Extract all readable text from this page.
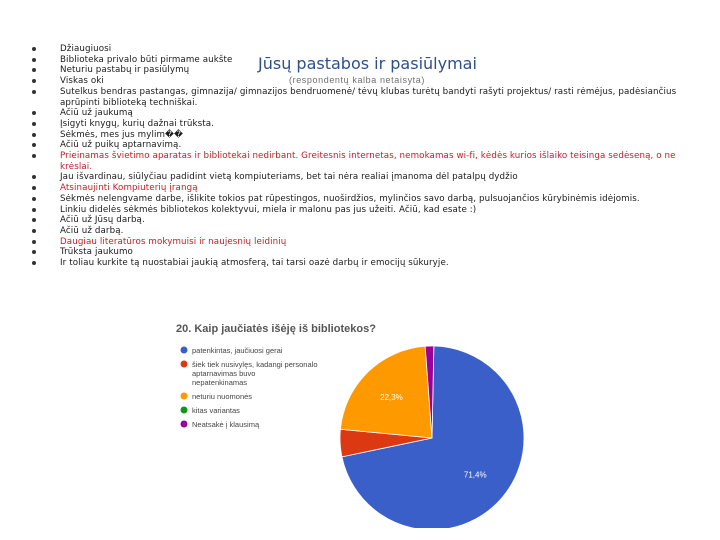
Jūsų pastabos ir pasiūlymai
(respondentų kalba netaisyta)
Džiaugiuosi
Biblioteka privalo būti pirmame aukšte
Neturiu pastabų ir pasiūlymų
Viskas oki
Sutelkus bendras pastangas, gimnazija/ gimnazijos bendruomenė/ tėvų klubas turėtų bandyti rašyti projektus/ rasti rėmėjus, padėsiančius aprūpinti biblioteką techniškai.
Ačiū už jaukumą
Įsigyti knygų, kurių dažnai trūksta.
Sėkmės, mes jus mylim��
Ačiū už puikų aptarnavimą.
Prieinamas švietimo aparatas ir bibliotekai nedirbant. Greitesnis internetas, nemokamas wi-fi, kėdės kurios išlaiko teisinga sedėseną, o ne krėslai.
Jau išvardinau, siūlyčiau padidint vietą kompiuteriams, bet tai nėra realiai įmanoma dėl patalpų dydžio
Atsinaujinti Kompiuterių įrangą
Sėkmės nelengvame darbe, išlikite tokios pat rūpestingos, nuoširdžios, mylinčios savo darbą, pulsuojančios kūrybinėmis idėjomis.
Linkiu didelės sėkmės bibliotekos kolektyvui, miela ir malonu pas jus užeiti. Ačiū, kad esate :)
Ačiū už Jūsų darbą.
Ačiū už darbą.
Daugiau literatūros mokymuisi ir naujesnių leidinių
Trūksta jaukumo
Ir toliau kurkite tą nuostabiai jaukią atmosferą, tai tarsi oazė darbų ir emocijų sūkuryje.
20. Kaip jaučiatės išėję iš bibliotekos?
patenkintas, jaučiuosi gerai
šiek tiek nusivylęs, kadangi personalo aptarnavimas buvo nepatenkinamas
neturiu nuomonės
kitas variantas
Neatsakė į klausimą
71,4%
22,3%
